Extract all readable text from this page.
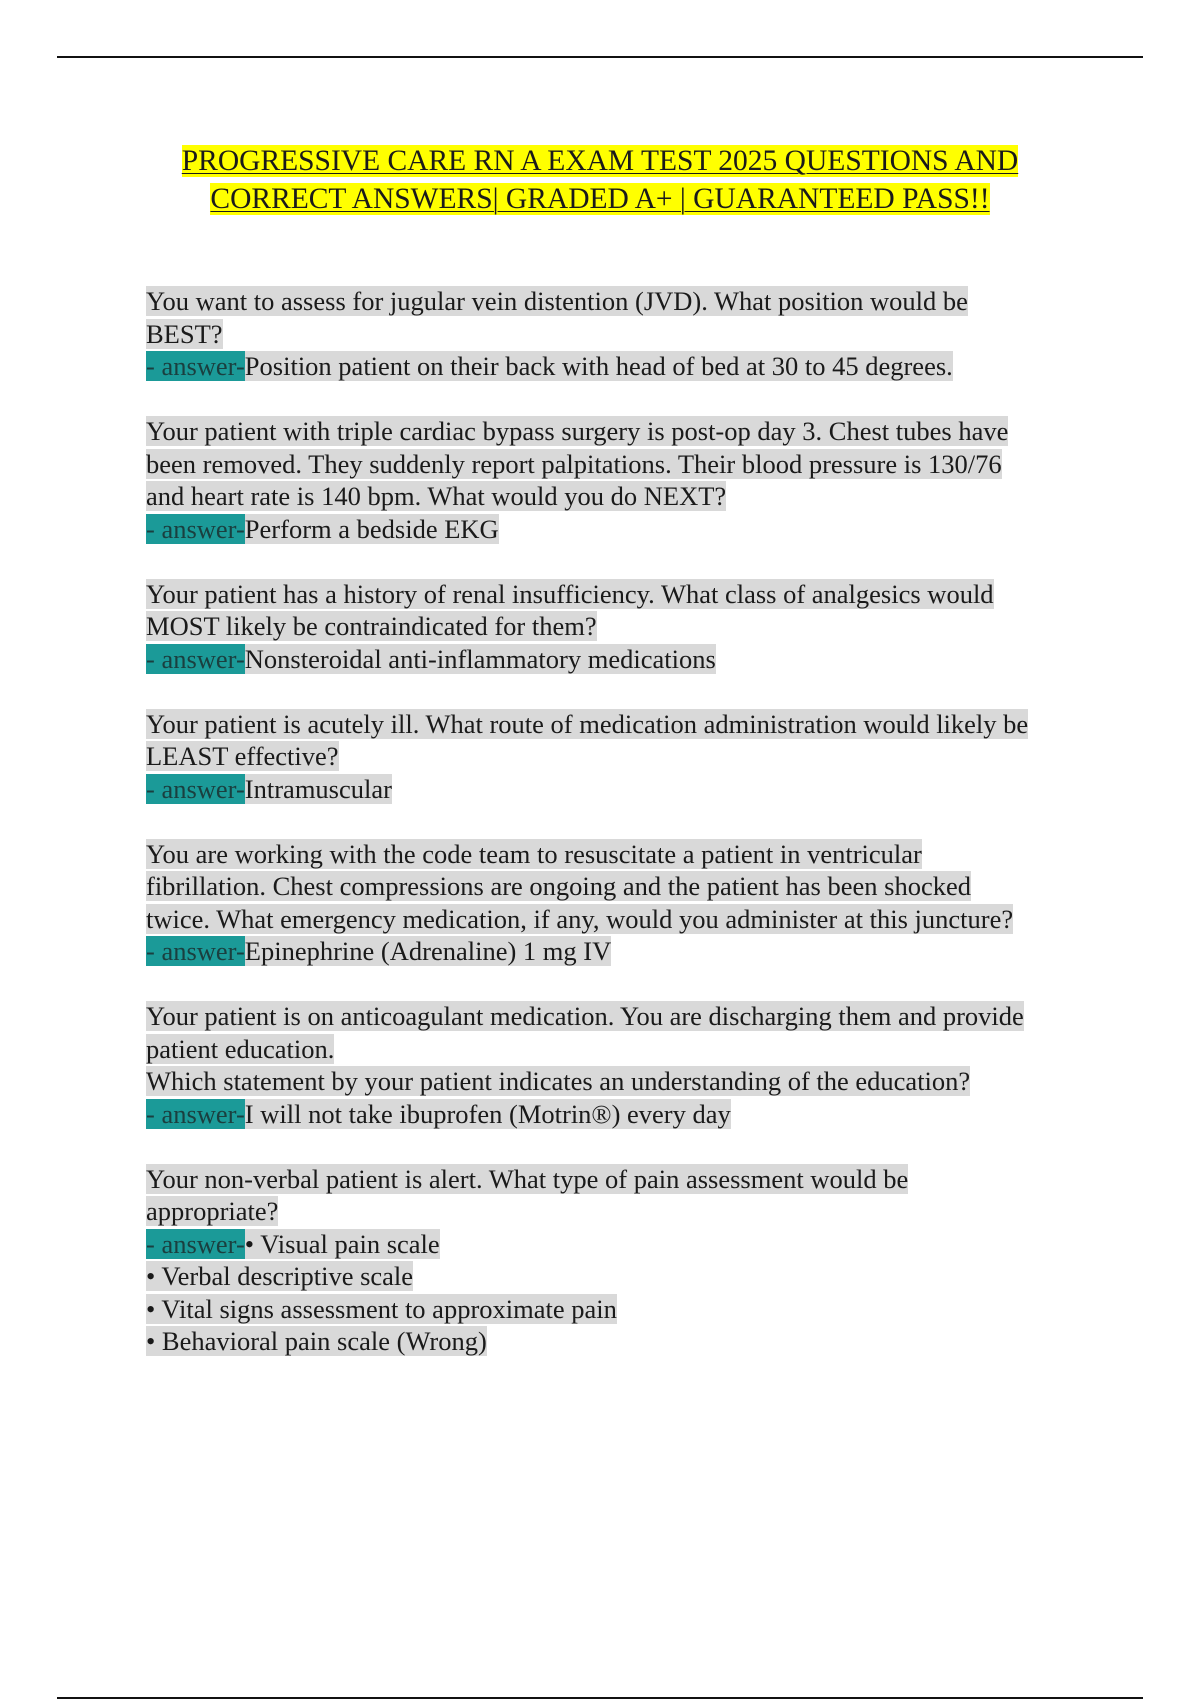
PROGRESSIVE CARE RN A EXAM TEST 2025 QUESTIONS AND
CORRECT ANSWERS| GRADED A+ | GUARANTEED PASS!!
You want to assess for jugular vein distention (JVD). What position would be
BEST?
- answer-Position patient on their back with head of bed at 30 to 45 degrees.
Your patient with triple cardiac bypass surgery is post-op day 3. Chest tubes have
been removed. They suddenly report palpitations. Their blood pressure is 130/76
and heart rate is 140 bpm. What would you do NEXT?
- answer-Perform a bedside EKG
Your patient has a history of renal insufficiency. What class of analgesics would
MOST likely be contraindicated for them?
- answer-Nonsteroidal anti-inflammatory medications
Your patient is acutely ill. What route of medication administration would likely be
LEAST effective?
- answer-Intramuscular
You are working with the code team to resuscitate a patient in ventricular
fibrillation. Chest compressions are ongoing and the patient has been shocked
twice. What emergency medication, if any, would you administer at this juncture?
- answer-Epinephrine (Adrenaline) 1 mg IV
Your patient is on anticoagulant medication. You are discharging them and provide
patient education.
Which statement by your patient indicates an understanding of the education?
- answer-I will not take ibuprofen (Motrin®) every day
Your non-verbal patient is alert. What type of pain assessment would be
appropriate?
- answer-• Visual pain scale
• Verbal descriptive scale
• Vital signs assessment to approximate pain
• Behavioral pain scale (Wrong)
